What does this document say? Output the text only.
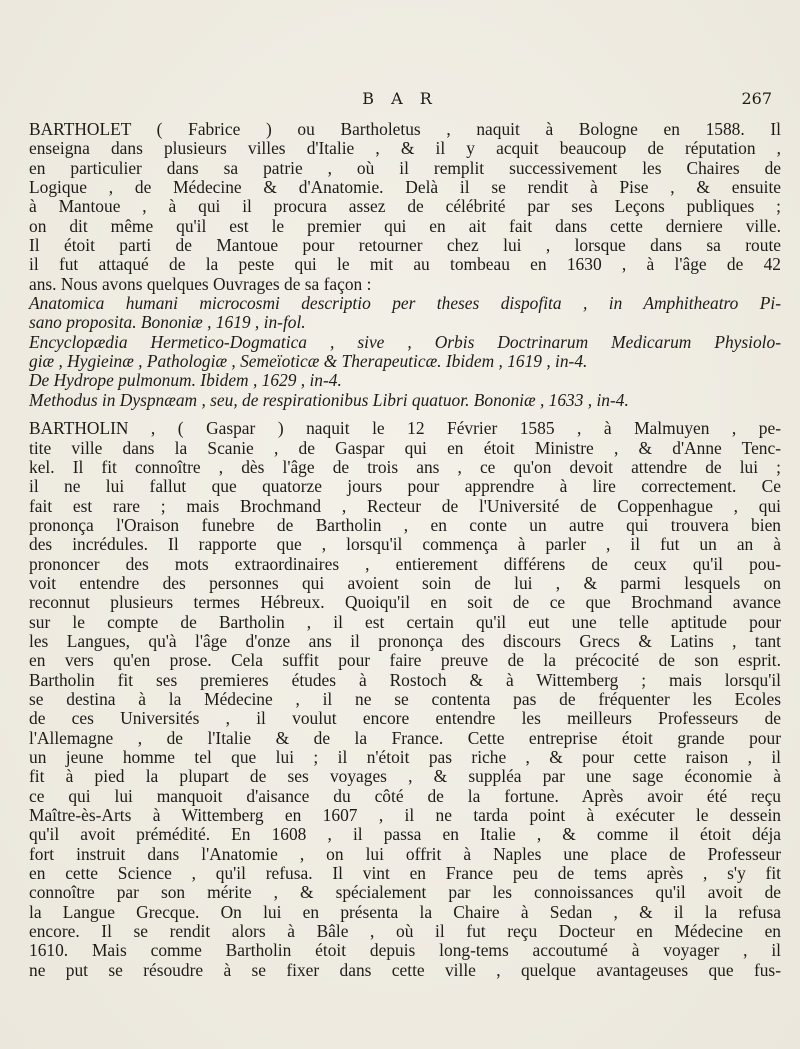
B A R	267
BARTHOLET ( Fabrice ) ou Bartholetus , naquit à Bologne en 1588. Il
enseigna dans plusieurs villes d'Italie , & il y acquit beaucoup de réputation ,
en particulier dans sa patrie , où il remplit successivement les Chaires de
Logique , de Médecine & d'Anatomie. Delà il se rendit à Pise , & ensuite
à Mantoue , à qui il procura assez de célébrité par ses Leçons publiques ;
on dit même qu'il est le premier qui en ait fait dans cette derniere ville.
Il étoit parti de Mantoue pour retourner chez lui , lorsque dans sa route
il fut attaqué de la peste qui le mit au tombeau en 1630 , à l'âge de 42
ans. Nous avons quelques Ouvrages de sa façon :
Anatomica humani microcosmi descriptio per theses dispofita , in Amphitheatro Pi-
sano proposita. Bononiæ , 1619 , in-fol.
Encyclopædia Hermetico-Dogmatica , sive , Orbis Doctrinarum Medicarum Physiolo-
giæ , Hygieinæ , Pathologiæ , Semeïoticæ & Therapeuticæ. Ibidem , 1619 , in-4.
De Hydrope pulmonum. Ibidem , 1629 , in-4.
Methodus in Dyspnæam , seu, de respirationibus Libri quatuor. Bononiæ , 1633 , in-4.
BARTHOLIN , ( Gaspar ) naquit le 12 Février 1585 , à Malmuyen , pe-
tite ville dans la Scanie , de Gaspar qui en étoit Ministre , & d'Anne Tenc-
kel. Il fit connoître , dès l'âge de trois ans , ce qu'on devoit attendre de lui ;
il ne lui fallut que quatorze jours pour apprendre à lire correctement. Ce
fait est rare ; mais Brochmand , Recteur de l'Université de Coppenhague , qui
prononça l'Oraison funebre de Bartholin , en conte un autre qui trouvera bien
des incrédules. Il rapporte que , lorsqu'il commença à parler , il fut un an à
prononcer des mots extraordinaires , entierement différens de ceux qu'il pou-
voit entendre des personnes qui avoient soin de lui , & parmi lesquels on
reconnut plusieurs termes Hébreux. Quoiqu'il en soit de ce que Brochmand avance
sur le compte de Bartholin , il est certain qu'il eut une telle aptitude pour
les Langues, qu'à l'âge d'onze ans il prononça des discours Grecs & Latins , tant
en vers qu'en prose. Cela suffit pour faire preuve de la précocité de son esprit.
Bartholin fit ses premieres études à Rostoch & à Wittemberg ; mais lorsqu'il
se destina à la Médecine , il ne se contenta pas de fréquenter les Ecoles
de ces Universités , il voulut encore entendre les meilleurs Professeurs de
l'Allemagne , de l'Italie & de la France. Cette entreprise étoit grande pour
un jeune homme tel que lui ; il n'étoit pas riche , & pour cette raison , il
fit à pied la plupart de ses voyages , & suppléa par une sage économie à
ce qui lui manquoit d'aisance du côté de la fortune. Après avoir été reçu
Maître-ès-Arts à Wittemberg en 1607 , il ne tarda point à exécuter le dessein
qu'il avoit prémédité. En 1608 , il passa en Italie , & comme il étoit déja
fort instruit dans l'Anatomie , on lui offrit à Naples une place de Professeur
en cette Science , qu'il refusa. Il vint en France peu de tems après , s'y fit
connoître par son mérite , & spécialement par les connoissances qu'il avoit de
la Langue Grecque. On lui en présenta la Chaire à Sedan , & il la refusa
encore. Il se rendit alors à Bâle , où il fut reçu Docteur en Médecine en
1610. Mais comme Bartholin étoit depuis long-tems accoutumé à voyager , il
ne put se résoudre à se fixer dans cette ville , quelque avantageuses que fus-
